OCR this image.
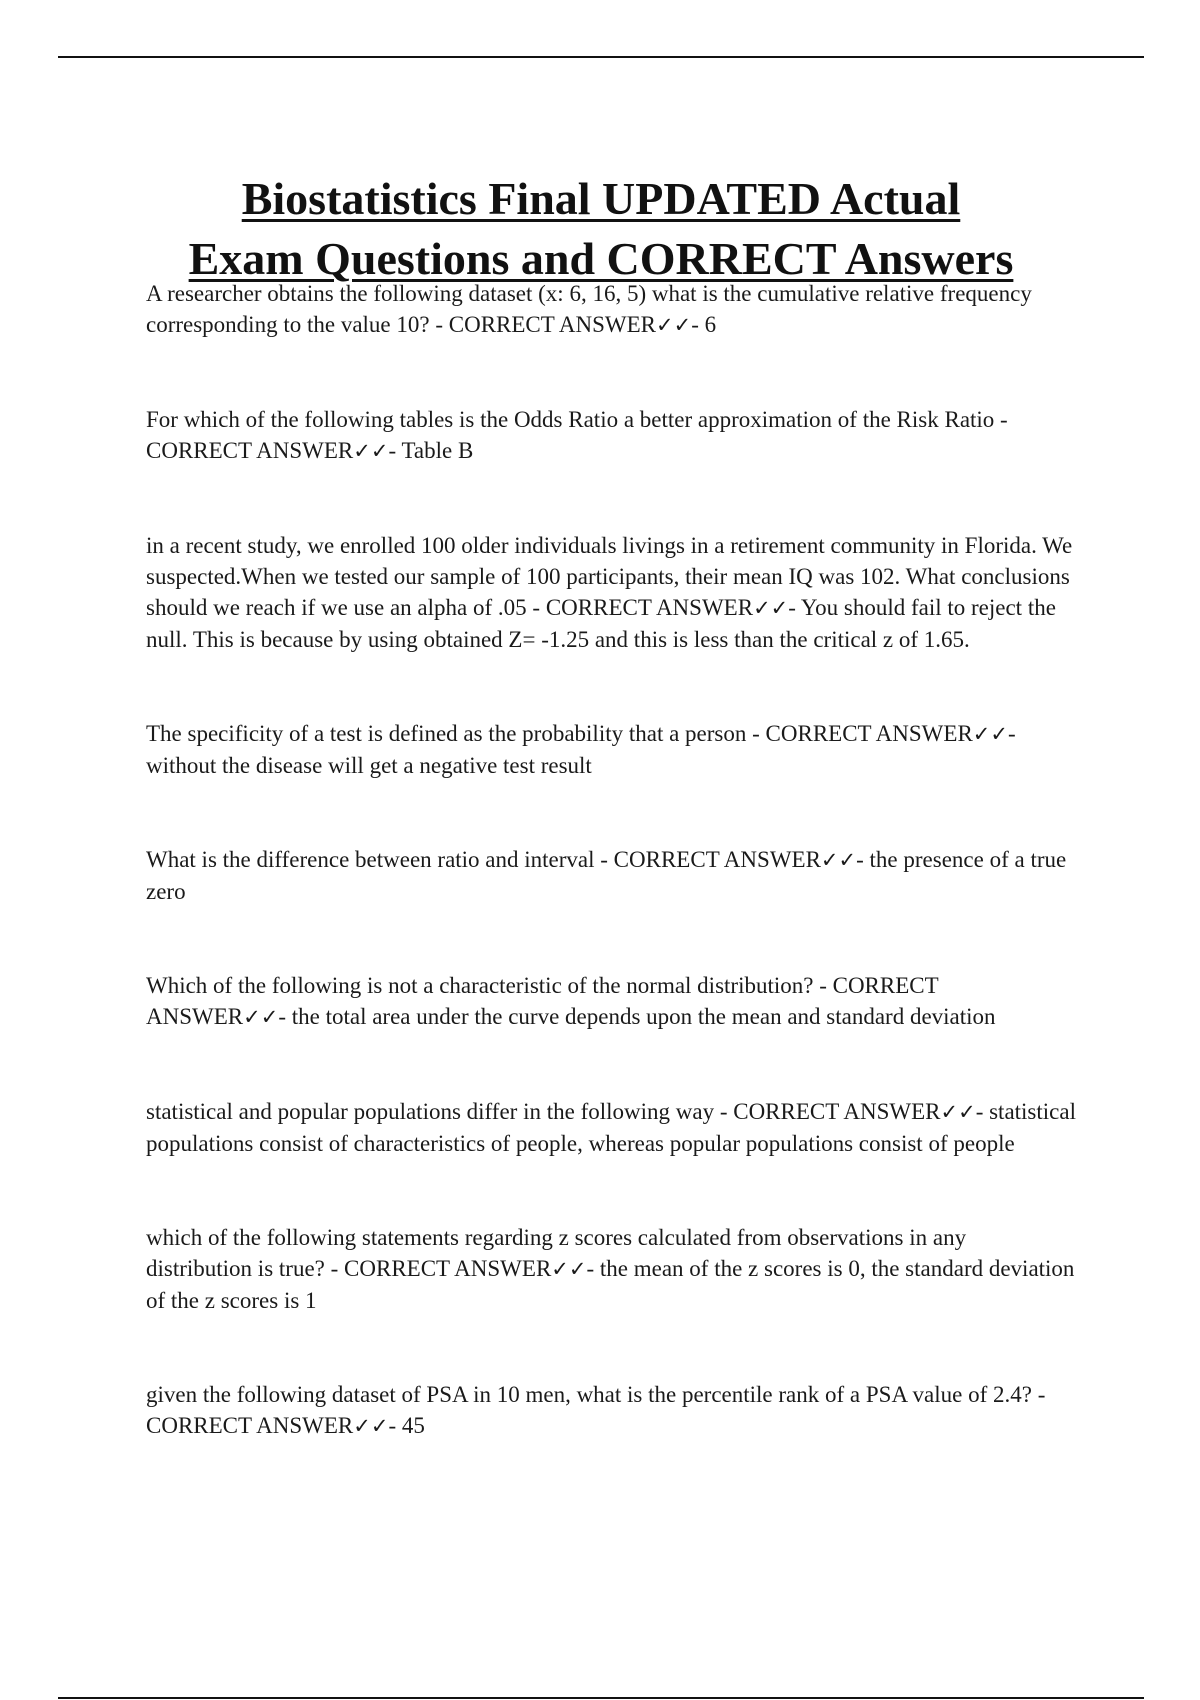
Biostatistics Final UPDATED Actual
Exam Questions and CORRECT Answers

A researcher obtains the following dataset (x: 6, 16, 5) what is the cumulative relative frequency corresponding to the value 10? - CORRECT ANSWER✓✓- 6

For which of the following tables is the Odds Ratio a better approximation of the Risk Ratio - CORRECT ANSWER✓✓- Table B

in a recent study, we enrolled 100 older individuals livings in a retirement community in Florida. We suspected.When we tested our sample of 100 participants, their mean IQ was 102. What conclusions should we reach if we use an alpha of .05 - CORRECT ANSWER✓✓- You should fail to reject the null. This is because by using obtained Z= -1.25 and this is less than the critical z of 1.65.

The specificity of a test is defined as the probability that a person - CORRECT ANSWER✓✓- without the disease will get a negative test result

What is the difference between ratio and interval - CORRECT ANSWER✓✓- the presence of a true zero

Which of the following is not a characteristic of the normal distribution? - CORRECT ANSWER✓✓- the total area under the curve depends upon the mean and standard deviation

statistical and popular populations differ in the following way - CORRECT ANSWER✓✓- statistical populations consist of characteristics of people, whereas popular populations consist of people

which of the following statements regarding z scores calculated from observations in any distribution is true? - CORRECT ANSWER✓✓- the mean of the z scores is 0, the standard deviation of the z scores is 1

given the following dataset of PSA in 10 men, what is the percentile rank of a PSA value of 2.4? - CORRECT ANSWER✓✓- 45
